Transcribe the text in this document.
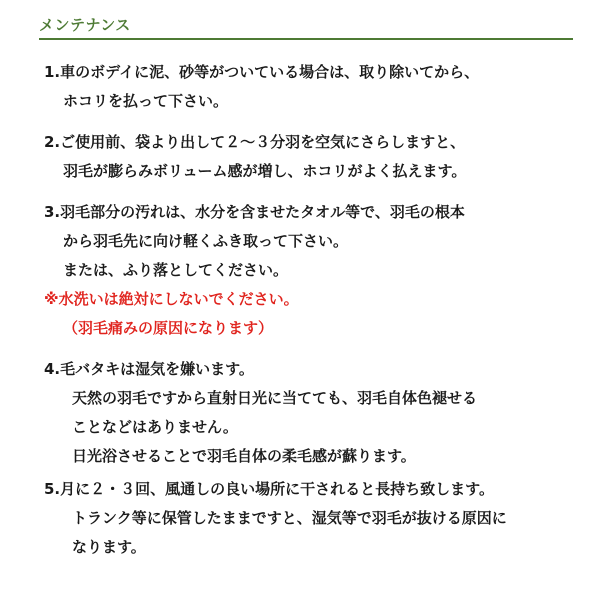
メンテナンス
1.車のボデイに泥、砂等がついている場合は、取り除いてから、
ホコリを払って下さい。
2.ご使用前、袋より出して２～３分羽を空気にさらしますと、
羽毛が膨らみボリューム感が増し、ホコリがよく払えます。
3.羽毛部分の汚れは、水分を含ませたタオル等で、羽毛の根本
から羽毛先に向け軽くふき取って下さい。
または、ふり落としてください。
※水洗いは絶対にしないでください。
（羽毛痛みの原因になります）
4.毛バタキは湿気を嫌います。
天然の羽毛ですから直射日光に当てても、羽毛自体色褪せる
ことなどはありません。
日光浴させることで羽毛自体の柔毛感が蘇ります。
5.月に２・３回、風通しの良い場所に干されると長持ち致します。
トランク等に保管したままですと、湿気等で羽毛が抜ける原因に
なります。
